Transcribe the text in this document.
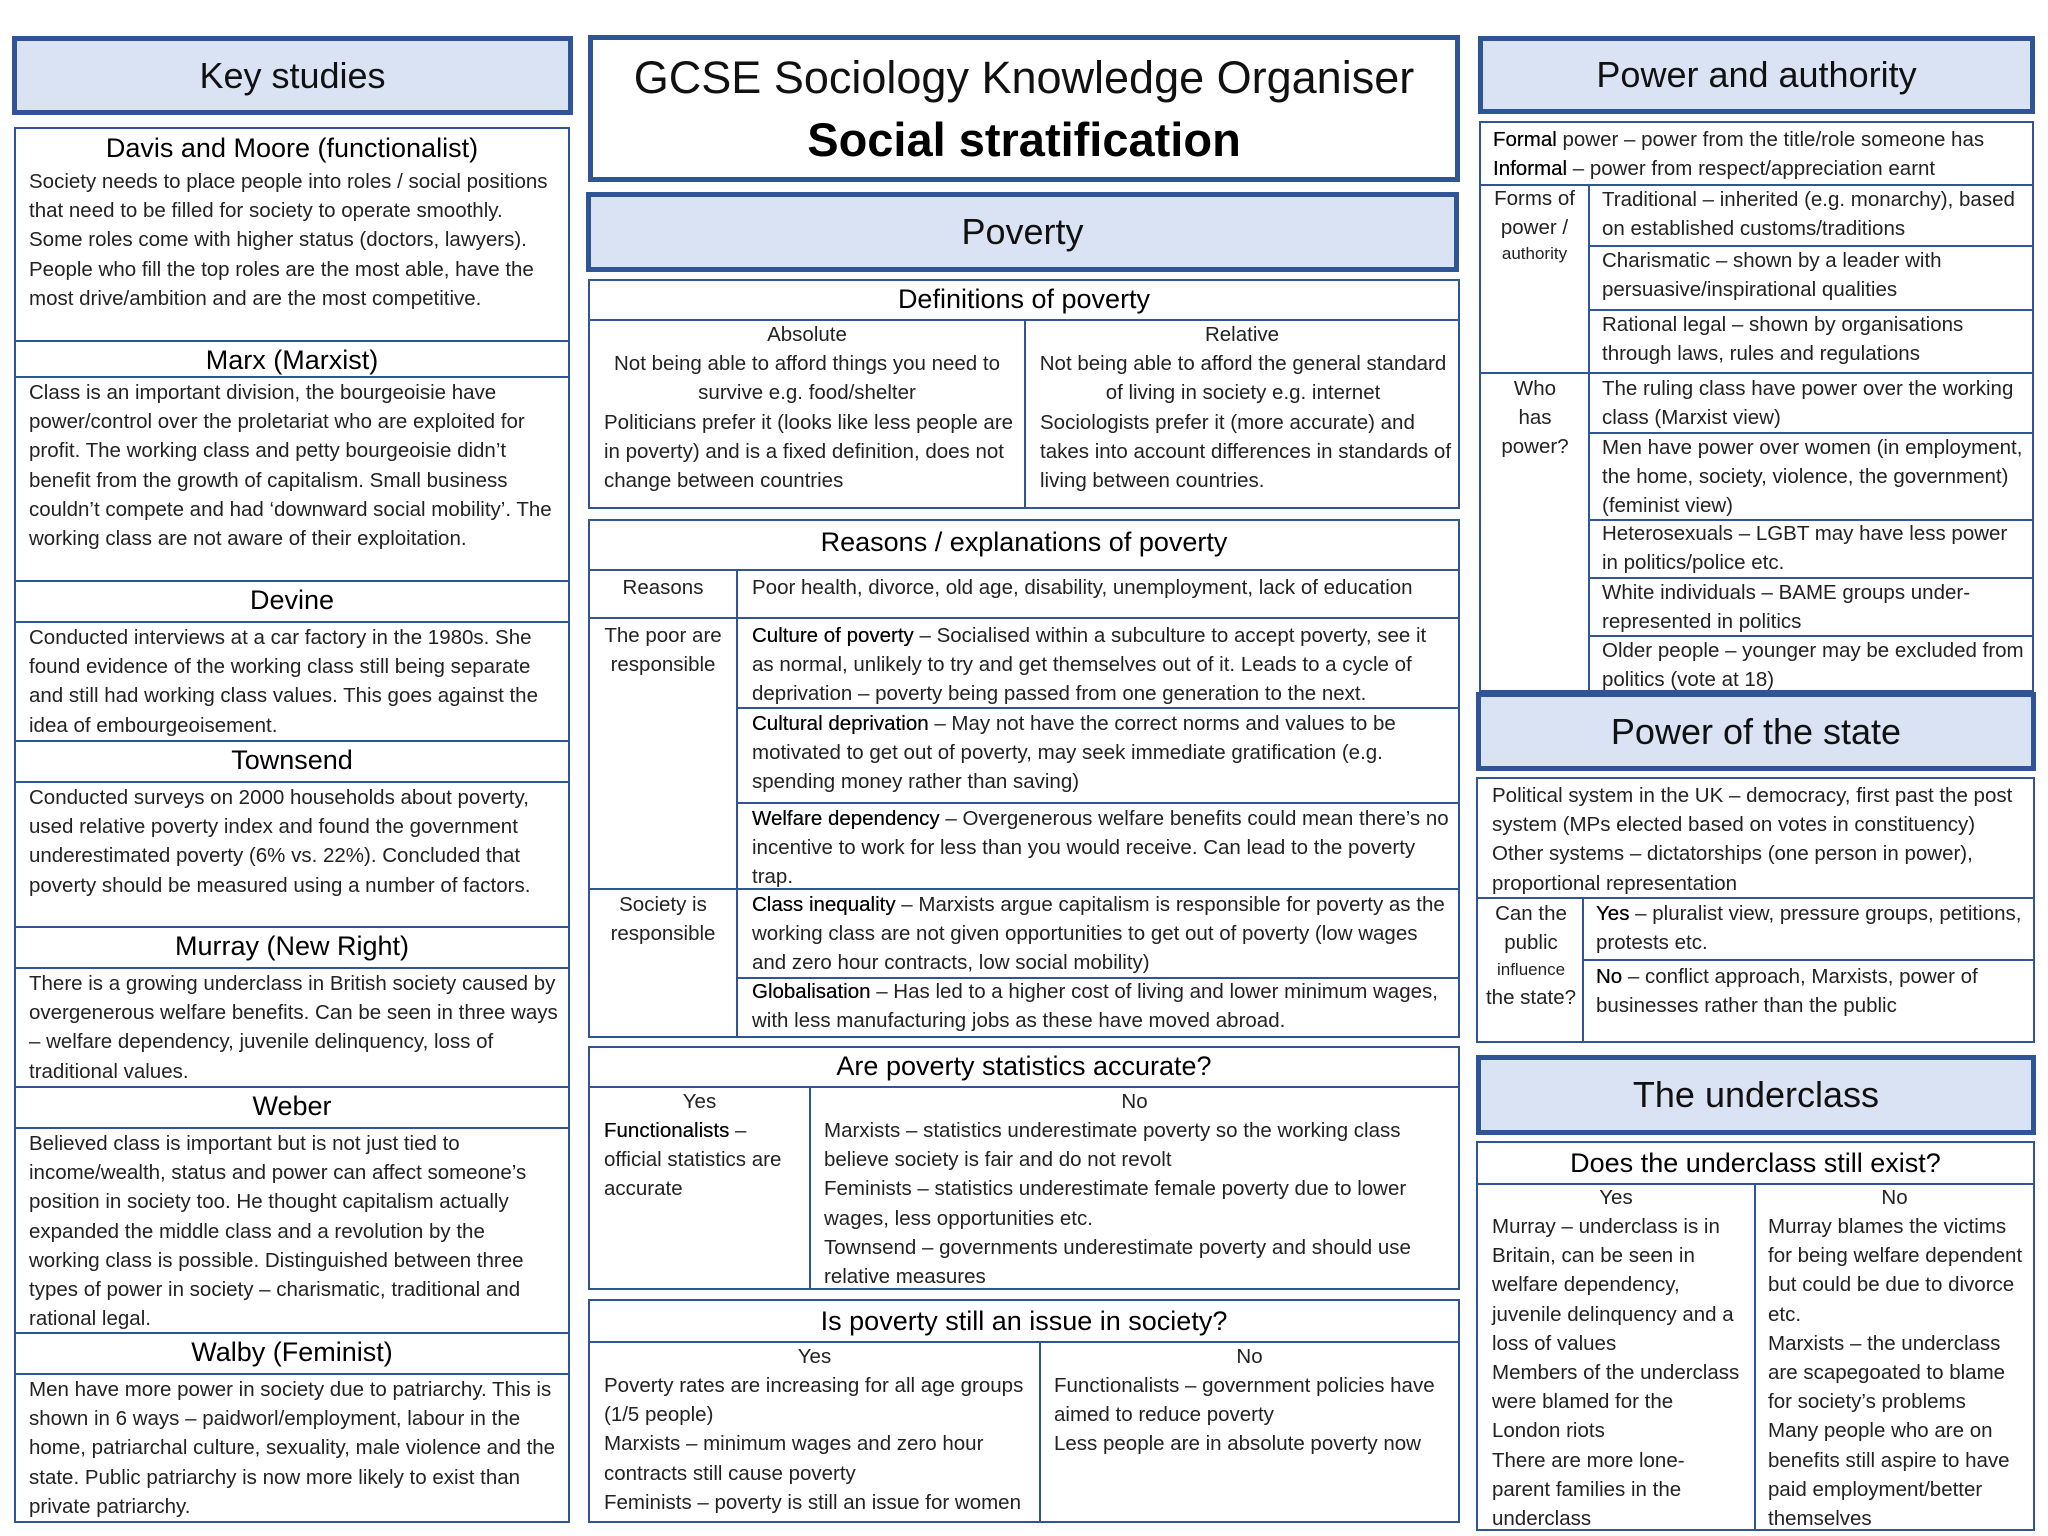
Key studies
Davis and Moore (functionalist)
Society needs to place people into roles / social positions that need to be filled for society to operate smoothly. Some roles come with higher status (doctors, lawyers). People who fill the top roles are the most able, have the most drive/ambition and are the most competitive.
Marx (Marxist)
Class is an important division, the bourgeoisie have power/control over the proletariat who are exploited for profit. The working class and petty bourgeoisie didn’t benefit from the growth of capitalism. Small business couldn’t compete and had ‘downward social mobility’. The working class are not aware of their exploitation.
Devine
Conducted interviews at a car factory in the 1980s. She found evidence of the working class still being separate and still had working class values. This goes against the idea of embourgeoisement.
Townsend
Conducted surveys on 2000 households about poverty, used relative poverty index and found the government underestimated poverty (6% vs. 22%). Concluded that poverty should be measured using a number of factors.
Murray (New Right)
There is a growing underclass in British society caused by overgenerous welfare benefits. Can be seen in three ways – welfare dependency, juvenile delinquency, loss of traditional values.
Weber
Believed class is important but is not just tied to income/wealth, status and power can affect someone’s position in society too. He thought capitalism actually expanded the middle class and a revolution by the working class is possible. Distinguished between three types of power in society – charismatic, traditional and rational legal.
Walby (Feminist)
Men have more power in society due to patriarchy. This is shown in 6 ways – paidworl/employment, labour in the home, patriarchal culture, sexuality, male violence and the state. Public patriarchy is now more likely to exist than private patriarchy.
GCSE Sociology Knowledge Organiser
Social stratification
Poverty
Definitions of poverty
Absolute
Not being able to afford things you need to survive e.g. food/shelter
Politicians prefer it (looks like less people are in poverty) and is a fixed definition, does not change between countries
Relative
Not being able to afford the general standard of living in society e.g. internet
Sociologists prefer it (more accurate) and takes into account differences in standards of living between countries.
Reasons / explanations of poverty
Reasons	Poor health, divorce, old age, disability, unemployment, lack of education
The poor are responsible
Culture of poverty – Socialised within a subculture to accept poverty, see it as normal, unlikely to try and get themselves out of it. Leads to a cycle of deprivation – poverty being passed from one generation to the next.
Cultural deprivation – May not have the correct norms and values to be motivated to get out of poverty, may seek immediate gratification (e.g. spending money rather than saving)
Welfare dependency – Overgenerous welfare benefits could mean there’s no incentive to work for less than you would receive. Can lead to the poverty trap.
Society is responsible
Class inequality – Marxists argue capitalism is responsible for poverty as the working class are not given opportunities to get out of poverty (low wages and zero hour contracts, low social mobility)
Globalisation – Has led to a higher cost of living and lower minimum wages, with less manufacturing jobs as these have moved abroad.
Are poverty statistics accurate?
Yes
Functionalists – official statistics are accurate
No
Marxists – statistics underestimate poverty so the working class believe society is fair and do not revolt
Feminists – statistics underestimate female poverty due to lower wages, less opportunities etc.
Townsend – governments underestimate poverty and should use relative measures
Is poverty still an issue in society?
Yes
Poverty rates are increasing for all age groups (1/5 people)
Marxists – minimum wages and zero hour contracts still cause poverty
Feminists – poverty is still an issue for women
No
Functionalists – government policies have aimed to reduce poverty
Less people are in absolute poverty now
Power and authority
Formal power – power from the title/role someone has
Informal – power from respect/appreciation earnt
Forms of power /
authority
Traditional – inherited (e.g. monarchy), based on established customs/traditions
Charismatic – shown by a leader with persuasive/inspirational qualities
Rational legal – shown by organisations through laws, rules and regulations
Who has power?
The ruling class have power over the working class (Marxist view)
Men have power over women (in employment, the home, society, violence, the government) (feminist view)
Heterosexuals – LGBT may have less power in politics/police etc.
White individuals – BAME groups under-represented in politics
Older people – younger may be excluded from politics (vote at 18)
Power of the state
Political system in the UK – democracy, first past the post system (MPs elected based on votes in constituency) Other systems – dictatorships (one person in power), proportional representation
Can the public
influence
the state?
Yes – pluralist view, pressure groups, petitions, protests etc.
No – conflict approach, Marxists, power of businesses rather than the public
The underclass
Does the underclass still exist?
Yes
Murray – underclass is in Britain, can be seen in welfare dependency, juvenile delinquency and a loss of values
Members of the underclass were blamed for the London riots
There are more lone-parent families in the underclass
No
Murray blames the victims for being welfare dependent but could be due to divorce etc.
Marxists – the underclass are scapegoated to blame for society’s problems
Many people who are on benefits still aspire to have paid employment/better themselves
